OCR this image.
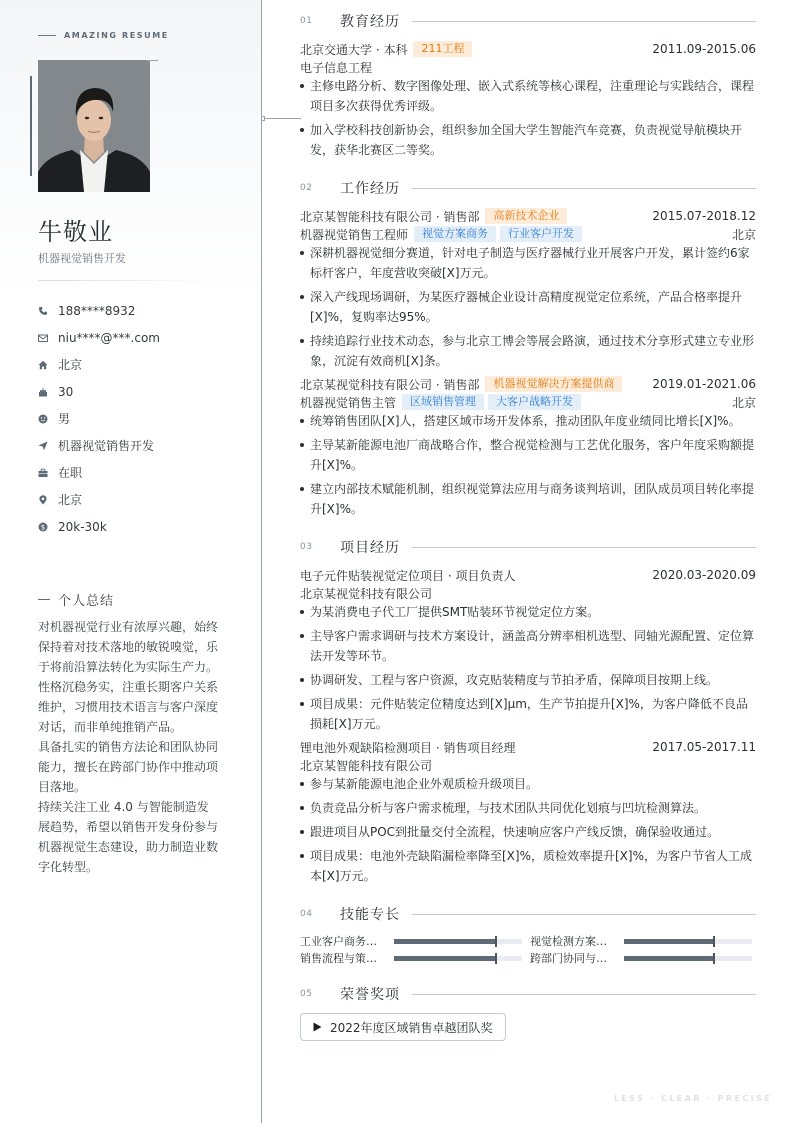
AMAZING RESUME
牛敬业
机器视觉销售开发
188****8932
niu****@***.com
北京
30
男
机器视觉销售开发
在职
北京
$ 20k-30k
个人总结

对机器视觉行业有浓厚兴趣，始终保持着对技术落地的敏锐嗅觉，乐于将前沿算法转化为实际生产力。

性格沉稳务实，注重长期客户关系维护，习惯用技术语言与客户深度对话，而非单纯推销产品。

具备扎实的销售方法论和团队协同能力，擅长在跨部门协作中推动项目落地。

持续关注工业 4.0 与智能制造发展趋势，希望以销售开发身份参与机器视觉生态建设，助力制造业数字化转型。

01	教育经历
北京交通大学 · 本科	211工程	2011.09-2015.06
电子信息工程
主修电路分析、数字图像处理、嵌入式系统等核心课程，注重理论与实践结合，课程项目多次获得优秀评级。
加入学校科技创新协会，组织参加全国大学生智能汽车竞赛，负责视觉导航模块开发，获华北赛区二等奖。
02	工作经历
北京某智能科技有限公司 · 销售部	高新技术企业	2015.07-2018.12
机器视觉销售工程师	视觉方案商务	行业客户开发	北京
深耕机器视觉细分赛道，针对电子制造与医疗器械行业开展客户开发，累计签约6家标杆客户，年度营收突破[X]万元。
深入产线现场调研，为某医疗器械企业设计高精度视觉定位系统，产品合格率提升[X]%，复购率达95%。
持续追踪行业技术动态，参与北京工博会等展会路演，通过技术分享形式建立专业形象，沉淀有效商机[X]条。
北京某视觉科技有限公司 · 销售部	机器视觉解决方案提供商	2019.01-2021.06
机器视觉销售主管	区域销售管理	大客户战略开发	北京
统筹销售团队[X]人，搭建区域市场开发体系，推动团队年度业绩同比增长[X]%。
主导某新能源电池厂商战略合作，整合视觉检测与工艺优化服务，客户年度采购额提升[X]%。
建立内部技术赋能机制，组织视觉算法应用与商务谈判培训，团队成员项目转化率提升[X]%。
03	项目经历
电子元件贴装视觉定位项目 · 项目负责人	2020.03-2020.09
北京某视觉科技有限公司
为某消费电子代工厂提供SMT贴装环节视觉定位方案。
主导客户需求调研与技术方案设计，涵盖高分辨率相机选型、同轴光源配置、定位算法开发等环节。
协调研发、工程与客户资源，攻克贴装精度与节拍矛盾，保障项目按期上线。
项目成果：元件贴装定位精度达到[X]μm，生产节拍提升[X]%，为客户降低不良品损耗[X]万元。
锂电池外观缺陷检测项目 · 销售项目经理	2017.05-2017.11
北京某智能科技有限公司
参与某新能源电池企业外观质检升级项目。
负责竞品分析与客户需求梳理，与技术团队共同优化划痕与凹坑检测算法。
跟进项目从POC到批量交付全流程，快速响应客户产线反馈，确保验收通过。
项目成果：电池外壳缺陷漏检率降至[X]%，质检效率提升[X]%，为客户节省人工成本[X]万元。
04	技能专长
工业客户商务…	视觉检测方案…
销售流程与策…	跨部门协同与…
05	荣誉奖项
2022年度区域销售卓越团队奖
LESS · CLEAR · PRECISE
